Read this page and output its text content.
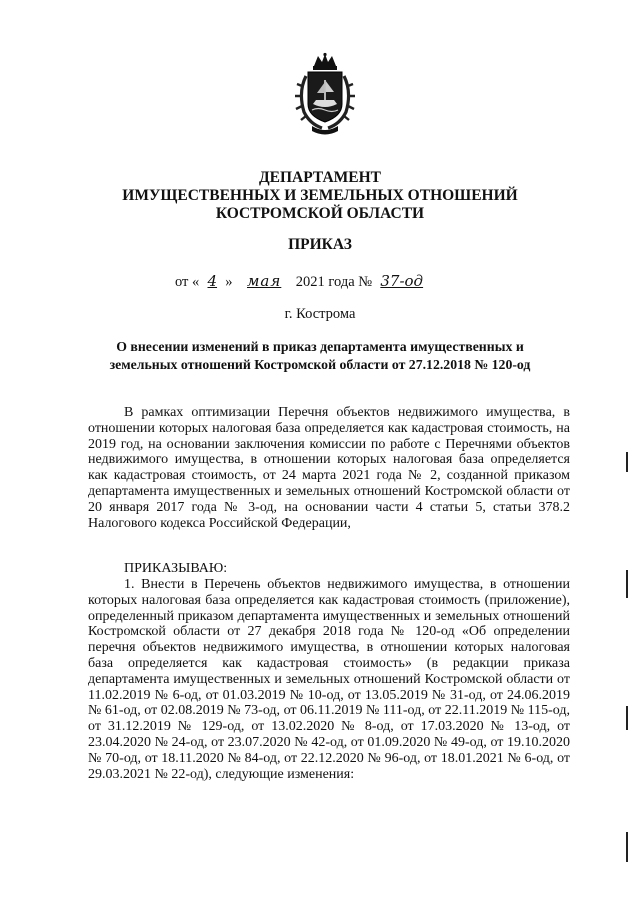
ДЕПАРТАМЕНТ
ИМУЩЕСТВЕННЫХ И ЗЕМЕЛЬНЫХ ОТНОШЕНИЙ
КОСТРОМСКОЙ ОБЛАСТИ
ПРИКАЗ
от « 4 » мая 2021 года № 37-од
г. Кострома
О внесении изменений в приказ департамента имущественных и
земельных отношений Костромской области от 27.12.2018 № 120-од

В рамках оптимизации Перечня объектов недвижимого имущества, в отношении которых налоговая база определяется как кадастровая стоимость, на 2019 год, на основании заключения комиссии по работе с Перечнями объектов недвижимого имущества, в отношении которых налоговая база определяется как кадастровая стоимость, от 24 марта 2021 года № 2, созданной приказом департамента имущественных и земельных отношений Костромской области от 20 января 2017 года № 3-од, на основании части 4 статьи 5, статьи 378.2 Налогового кодекса Российской Федерации,

ПРИКАЗЫВАЮ:

1. Внести в Перечень объектов недвижимого имущества, в отношении которых налоговая база определяется как кадастровая стоимость (приложение), определенный приказом департамента имущественных и земельных отношений Костромской области от 27 декабря 2018 года № 120-од «Об определении перечня объектов недвижимого имущества, в отношении которых налоговая база определяется как кадастровая стоимость» (в редакции приказа департамента имущественных и земельных отношений Костромской области от 11.02.2019 № 6-од, от 01.03.2019 № 10-од, от 13.05.2019 № 31-од, от 24.06.2019 № 61-од, от 02.08.2019 № 73-од, от 06.11.2019 № 111-од, от 22.11.2019 № 115-од, от 31.12.2019 № 129-од, от 13.02.2020 № 8-од, от 17.03.2020 № 13-од, от 23.04.2020 № 24-од, от 23.07.2020 № 42-од, от 01.09.2020 № 49-од, от 19.10.2020 № 70-од, от 18.11.2020 № 84-од, от 22.12.2020 № 96-од, от 18.01.2021 № 6-од, от 29.03.2021 № 22-од), следующие изменения:
